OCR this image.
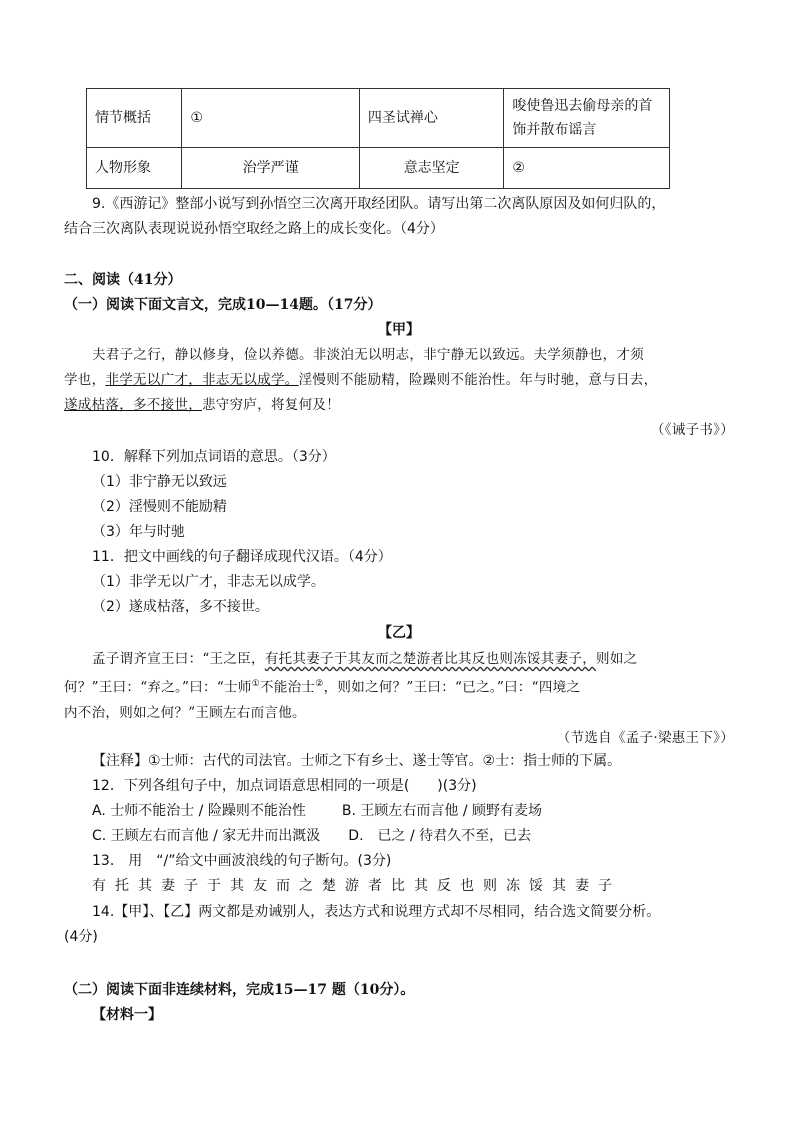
情节概括	①	四圣试禅心	唆使鲁迅去偷母亲的首饰并散布谣言
人物形象	治学严谨	意志坚定	②
9.《西游记》整部小说写到孙悟空三次离开取经团队。请写出第二次离队原因及如何归队的，
结合三次离队表现说说孙悟空取经之路上的成长变化。（4分）
二、阅读（41分）
（一）阅读下面文言文，完成10—14题。（17分）
【甲】
夫君子之行，静以修身，俭以养德。非淡泊无以明志，非宁静无以致远。夫学须静也，才须
学也，非学无以广才，非志无以成学。淫慢则不能励精，险躁则不能治性。年与时驰，意与日去，
遂成枯落，多不接世，悲守穷庐，将复何及！
（《诫子书》）
10．解释下列加点词语的意思。（3分）
（1）非宁静无以致远
（2）淫慢则不能励精
（3）年与时驰
11．把文中画线的句子翻译成现代汉语。（4分）
（1）非学无以广才，非志无以成学。
（2）遂成枯落，多不接世。
【乙】
孟子谓齐宣王曰：“王之臣，有托其妻子于其友而之楚游者比其反也则冻馁其妻子，则如之
何？”王曰：“弃之。”曰：“士师①不能治士②，则如之何？”王曰：“已之。”曰：“四境之
内不治，则如之何？”王顾左右而言他。
（节选自《孟子·梁惠王下》）
【注释】①士师：古代的司法官。士师之下有乡士、遂士等官。②士：指士师的下属。
12．下列各组句子中，加点词语意思相同的一项是(　　)(3分)
A. 士师不能治士 / 险躁则不能治性	B. 王顾左右而言他 / 顾野有麦场
C. 王顾左右而言他 / 家无井而出溉汲 D.　已之 / 待君久不至，已去
13.　用　“/”给文中画波浪线的句子断句。(3分)
有托其妻子于其友而之楚游者比其反也则冻馁其妻子
14.【甲】、【乙】两文都是劝诫别人，表达方式和说理方式却不尽相同，结合选文简要分析。
(4分)
（二）阅读下面非连续材料，完成15—17 题（10分）。
【材料一】
